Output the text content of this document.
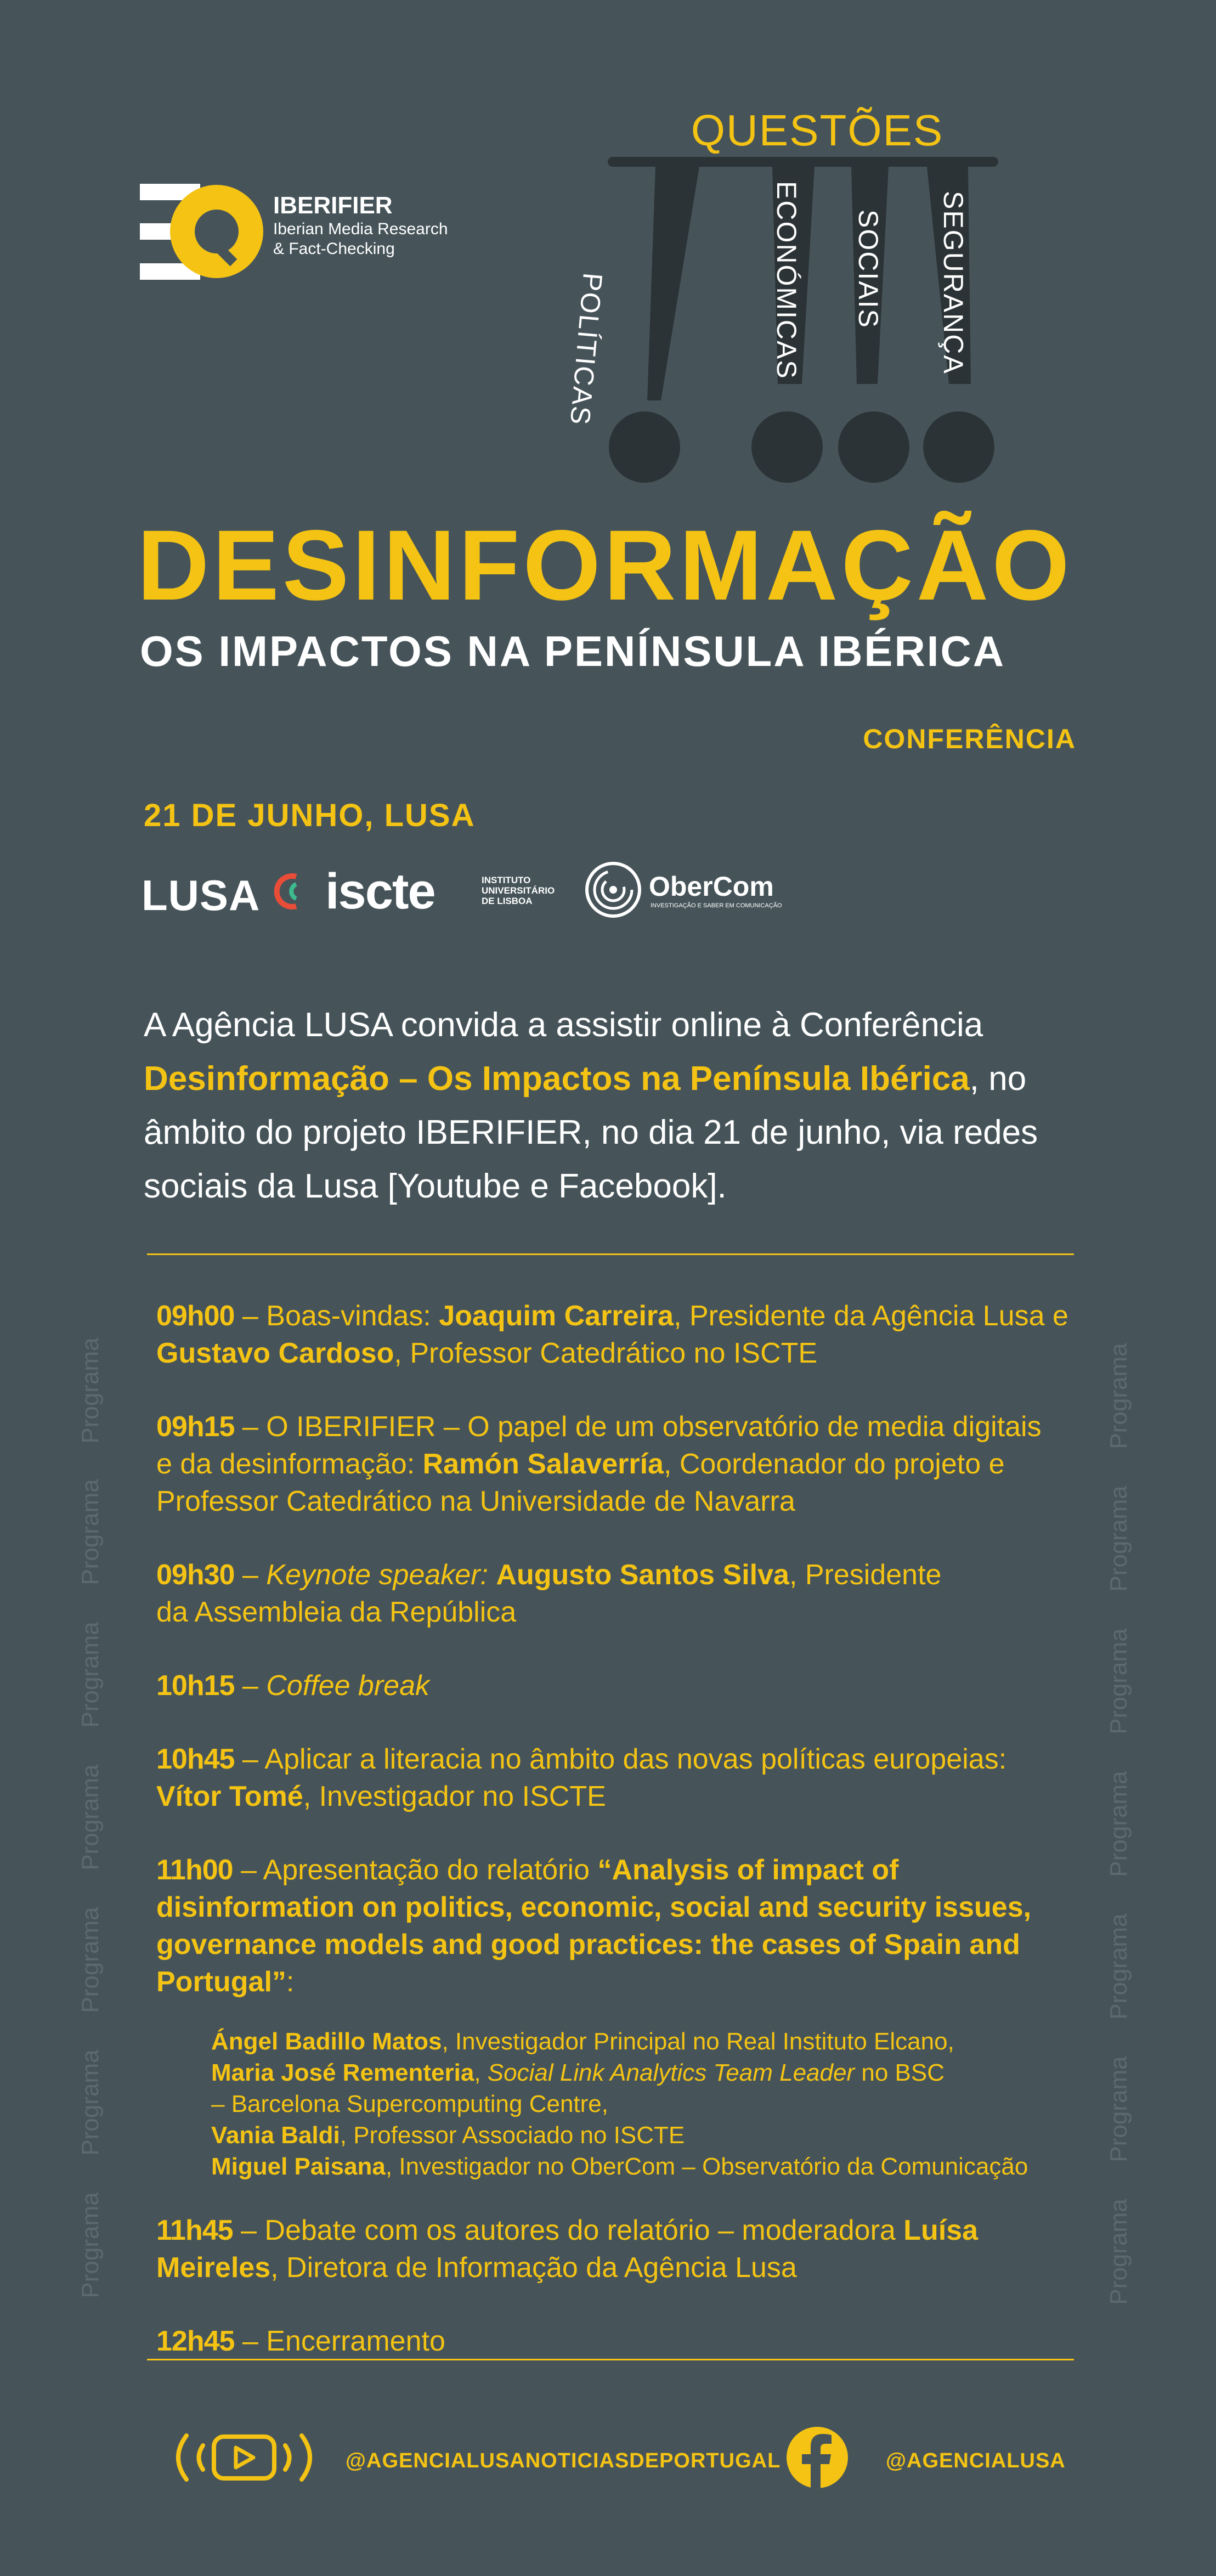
IBERIFIER
Iberian Media Research
& Fact-Checking
QUESTÕES
POLÍTICAS	ECONÓMICAS SOCIAIS SEGURANÇA
DESINFORMAÇÃO
OS IMPACTOS NA PENÍNSULA IBÉRICA
CONFERÊNCIA
21 DE JUNHO, LUSA
LUSA iscte	INSTITUTO
UNIVERSITÁRIO
DE LISBOA	OberCom
INVESTIGAÇÃO E SABER EM COMUNICAÇÃO
A Agência LUSA convida a assistir online à Conferência Desinformação – Os Impactos na Península Ibérica, no âmbito do projeto IBERIFIER, no dia 21 de junho, via redes sociais da Lusa [Youtube e Facebook].
Programa
Programa
Programa
Programa
Programa
Programa
Programa
Programa
Programa
Programa
Programa
Programa
Programa
Programa
09h00 – Boas-vindas: Joaquim Carreira, Presidente da Agência Lusa e Gustavo Cardoso, Professor Catedrático no ISCTE
09h15 – O IBERIFIER – O papel de um observatório de media digitais e da desinformação: Ramón Salaverría, Coordenador do projeto e Professor Catedrático na Universidade de Navarra
09h30 – Keynote speaker: Augusto Santos Silva, Presidente da Assembleia da República
10h15 – Coffee break
10h45 – Aplicar a literacia no âmbito das novas políticas europeias: Vítor Tomé, Investigador no ISCTE
11h00 – Apresentação do relatório “Analysis of impact of disinformation on politics, economic, social and security issues, governance models and good practices: the cases of Spain and Portugal”:
Ángel Badillo Matos, Investigador Principal no Real Instituto Elcano,
Maria José Rementeria, Social Link Analytics Team Leader no BSC
– Barcelona Supercomputing Centre,
Vania Baldi, Professor Associado no ISCTE
Miguel Paisana, Investigador no OberCom – Observatório da Comunicação
11h45 – Debate com os autores do relatório – moderadora Luísa Meireles, Diretora de Informação da Agência Lusa
12h45 – Encerramento
@AGENCIALUSANOTICIASDEPORTUGAL	@AGENCIALUSA
